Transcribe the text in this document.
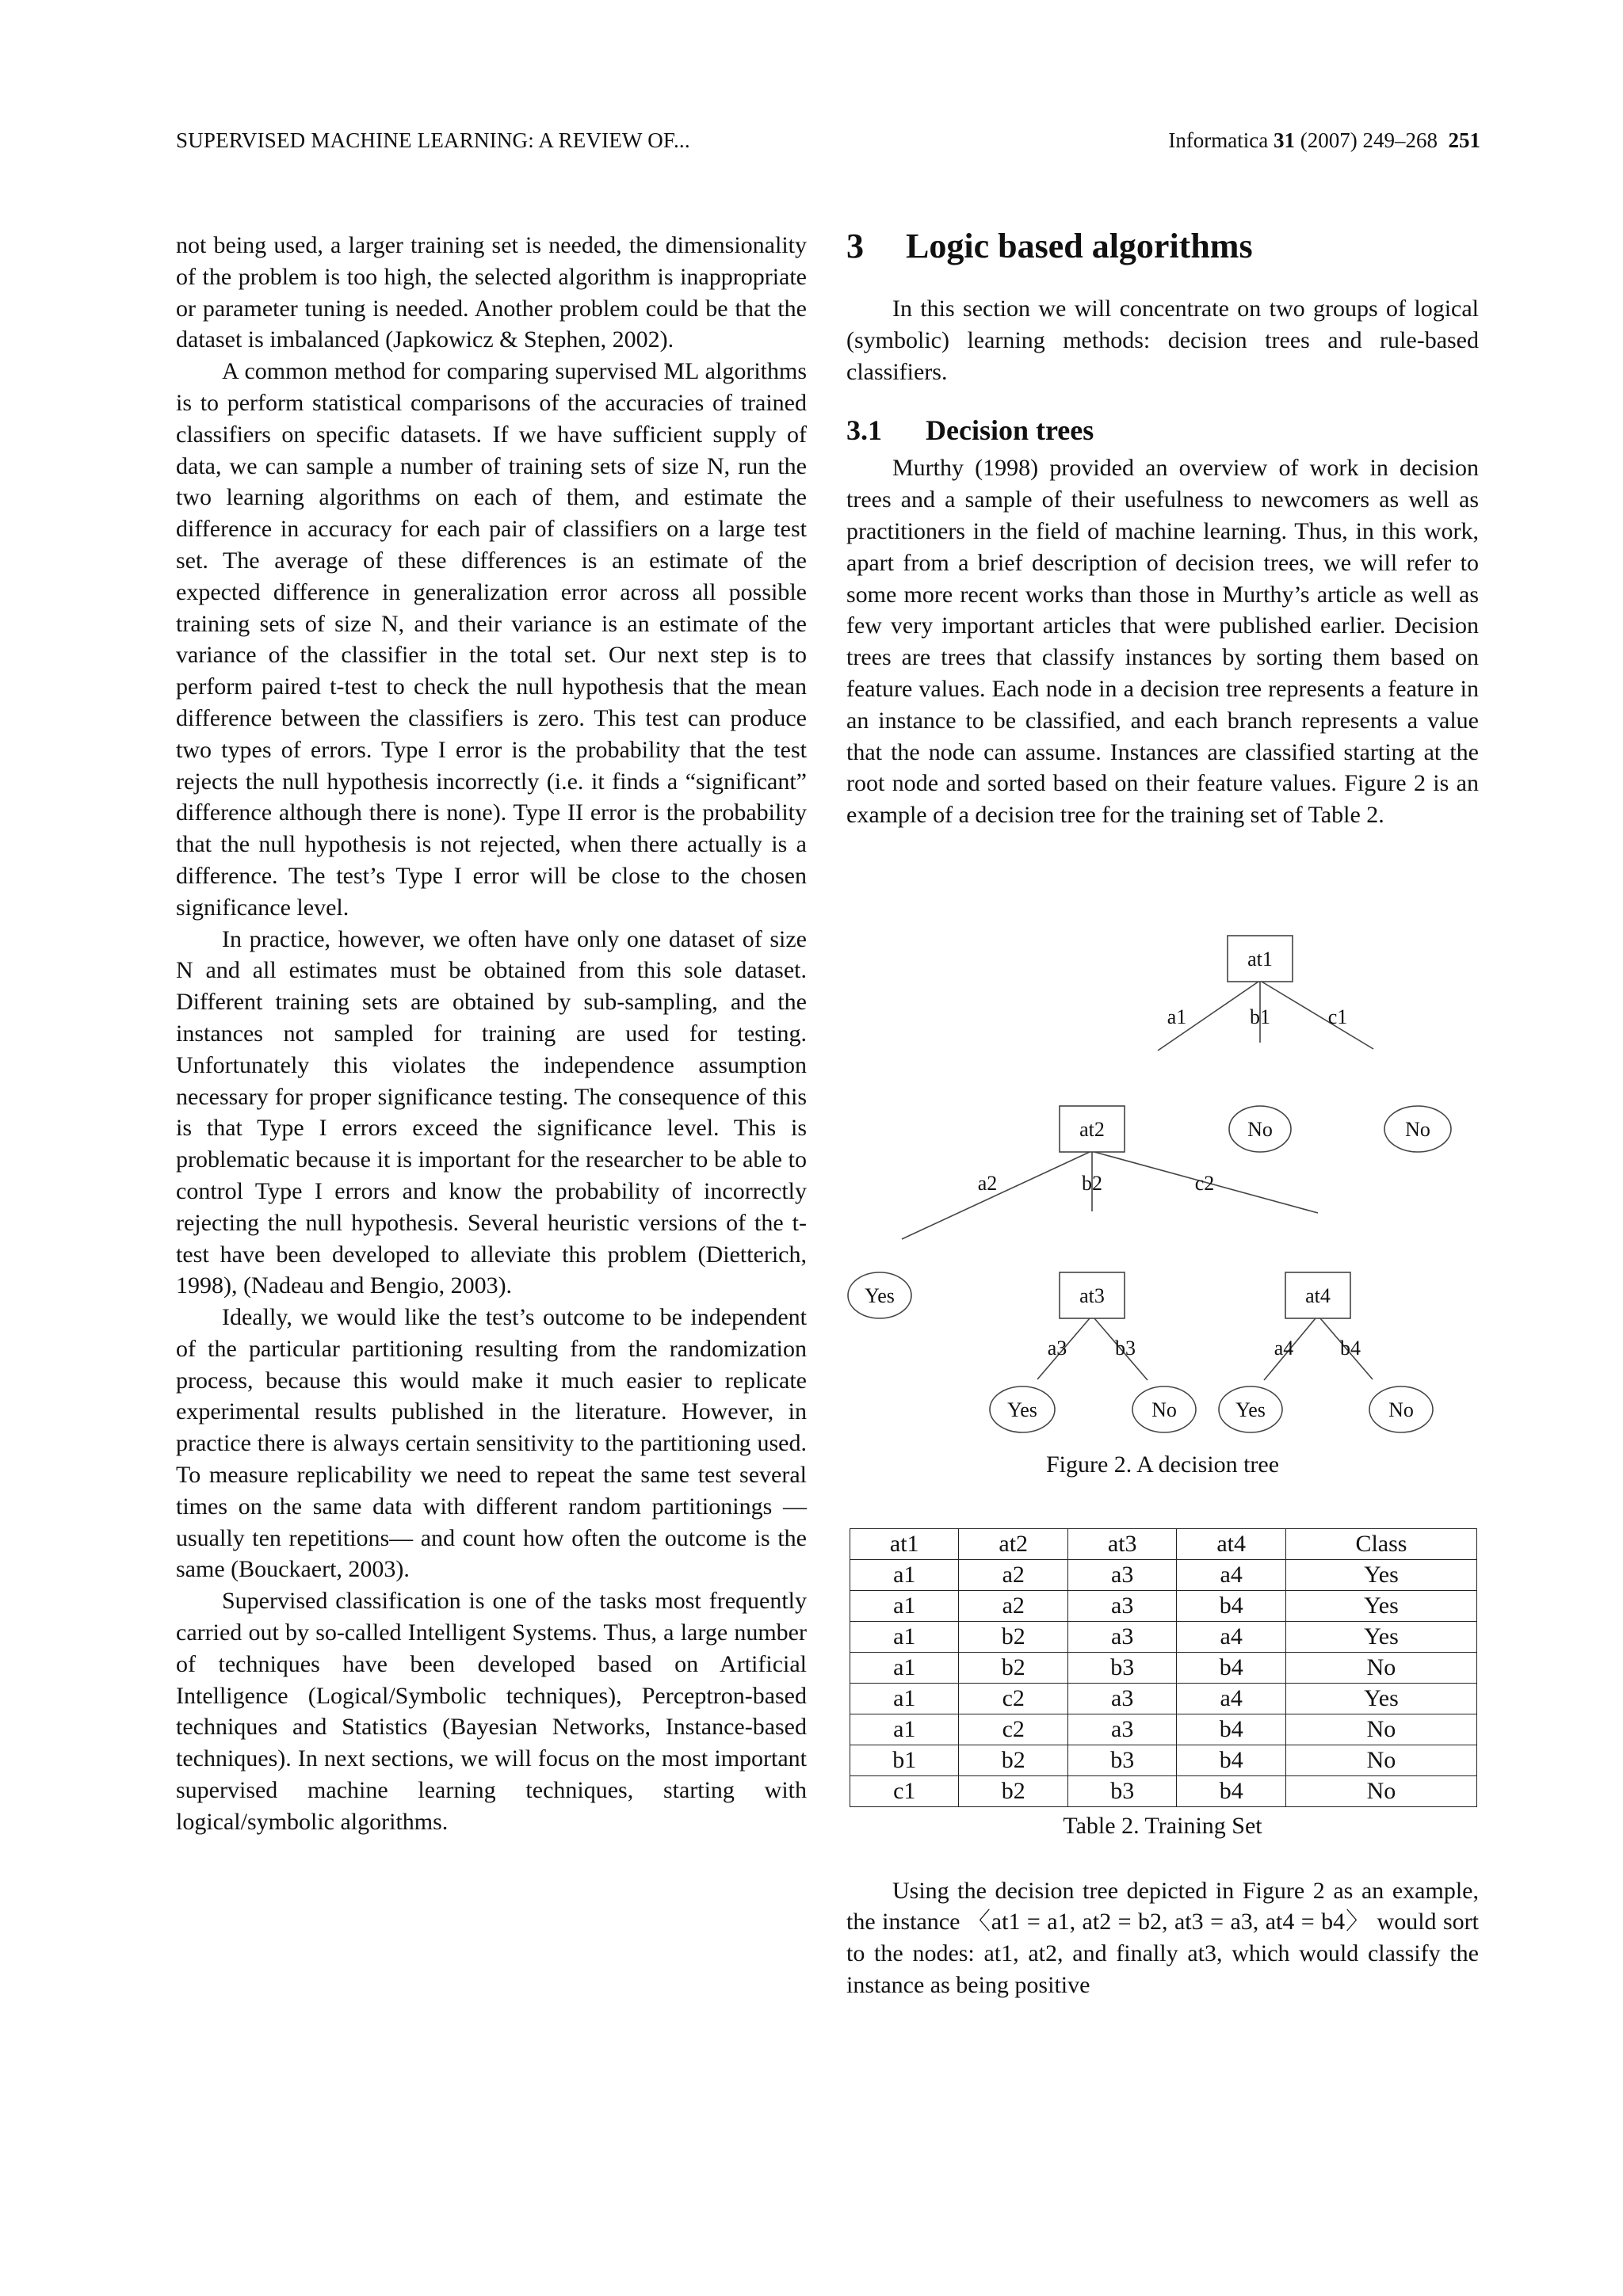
SUPERVISED MACHINE LEARNING: A REVIEW OF...	Informatica 31 (2007) 249–268 251

not being used, a larger training set is needed, the dimensionality of the problem is too high, the selected algorithm is inappropriate or parameter tuning is needed. Another problem could be that the dataset is imbalanced (Japkowicz & Stephen, 2002).

A common method for comparing supervised ML algorithms is to perform statistical comparisons of the accuracies of trained classifiers on specific datasets. If we have sufficient supply of data, we can sample a number of training sets of size N, run the two learning algorithms on each of them, and estimate the difference in accuracy for each pair of classifiers on a large test set. The average of these differences is an estimate of the expected difference in generalization error across all possible training sets of size N, and their variance is an estimate of the variance of the classifier in the total set. Our next step is to perform paired t-test to check the null hypothesis that the mean difference between the classifiers is zero. This test can produce two types of errors. Type I error is the probability that the test rejects the null hypothesis incorrectly (i.e. it finds a “significant” difference although there is none). Type II error is the probability that the null hypothesis is not rejected, when there actually is a difference. The test’s Type I error will be close to the chosen significance level.

In practice, however, we often have only one dataset of size N and all estimates must be obtained from this sole dataset. Different training sets are obtained by sub-sampling, and the instances not sampled for training are used for testing. Unfortunately this violates the independence assumption necessary for proper significance testing. The consequence of this is that Type I errors exceed the significance level. This is problematic because it is important for the researcher to be able to control Type I errors and know the probability of incorrectly rejecting the null hypothesis. Several heuristic versions of the t-test have been developed to alleviate this problem (Dietterich, 1998), (Nadeau and Bengio, 2003).

Ideally, we would like the test’s outcome to be independent of the particular partitioning resulting from the randomization process, because this would make it much easier to replicate experimental results published in the literature. However, in practice there is always certain sensitivity to the partitioning used. To measure replicability we need to repeat the same test several times on the same data with different random partitionings — usually ten repetitions— and count how often the outcome is the same (Bouckaert, 2003).

Supervised classification is one of the tasks most frequently carried out by so-called Intelligent Systems. Thus, a large number of techniques have been developed based on Artificial Intelligence (Logical/Symbolic techniques), Perceptron-based techniques and Statistics (Bayesian Networks, Instance-based techniques). In next sections, we will focus on the most important supervised machine learning techniques, starting with logical/symbolic algorithms.

3 Logic based algorithms

In this section we will concentrate on two groups of logical (symbolic) learning methods: decision trees and rule-based classifiers.

3.1 Decision trees

Murthy (1998) provided an overview of work in decision trees and a sample of their usefulness to newcomers as well as practitioners in the field of machine learning. Thus, in this work, apart from a brief description of decision trees, we will refer to some more recent works than those in Murthy’s article as well as few very important articles that were published earlier. Decision trees are trees that classify instances by sorting them based on feature values. Each node in a decision tree represents a feature in an instance to be classified, and each branch represents a value that the node can assume. Instances are classified starting at the root node and sorted based on their feature values. Figure 2 is an example of a decision tree for the training set of Table 2.

at1
at2
at3	at4
No	No
Yes
Yes	No	Yes	No
a1	b1	c1
a2	b2	c2
a3 b3	a4 b4
Figure 2. A decision tree
at1	at2	at3	at4	Class
a1	a2	a3	a4	Yes
a1	a2	a3	b4	Yes
a1	b2	a3	a4	Yes
a1	b2	b3	b4	No
a1	c2	a3	a4	Yes
a1	c2	a3	b4	No
b1	b2	b3	b4	No
c1	b2	b3	b4	No
Table 2. Training Set

Using the decision tree depicted in Figure 2 as an example, the instance 〈at1 = a1, at2 = b2, at3 = a3, at4 = b4〉 would sort to the nodes: at1, at2, and finally at3, which would classify the instance as being positive
